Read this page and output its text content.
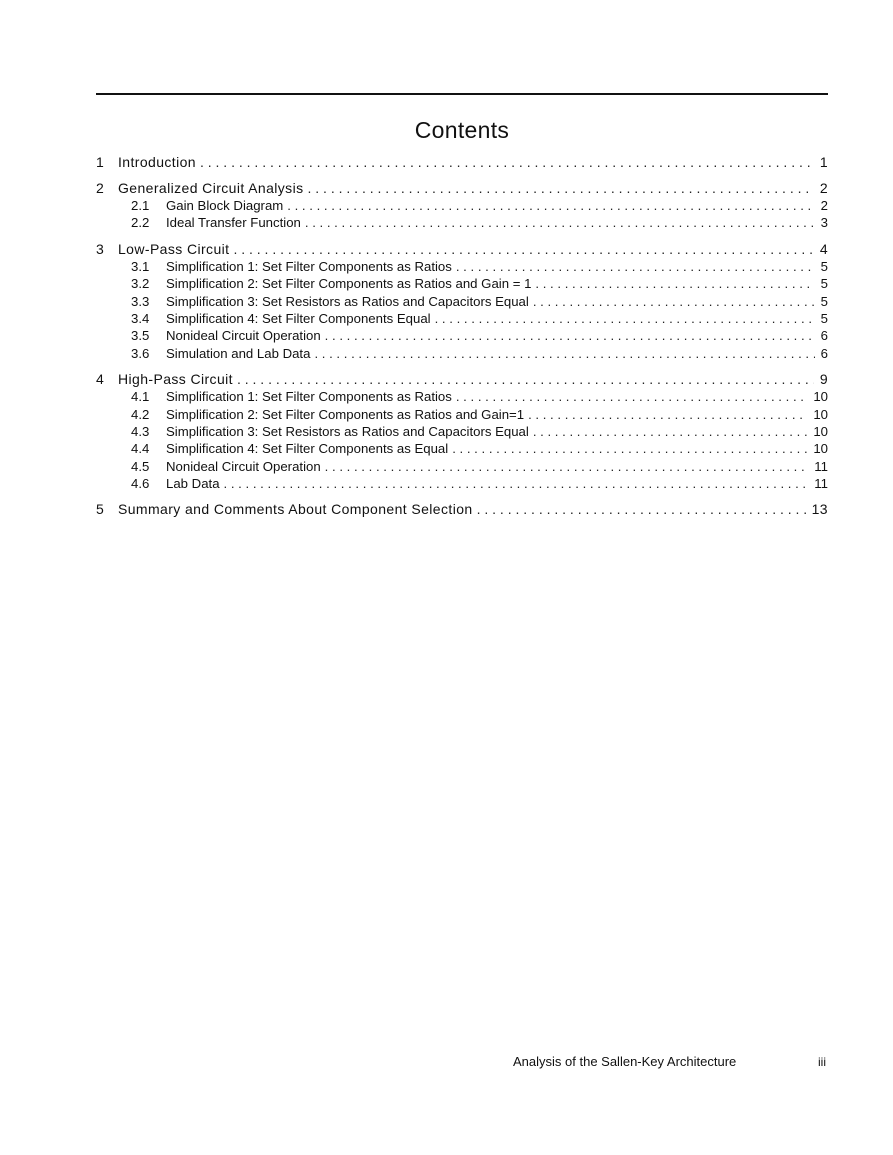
Contents
1 Introduction . . .	1
2 Generalized Circuit Analysis . . .	2
2.1	Gain Block Diagram . . .	2
2.2	Ideal Transfer Function . . .	3
3 Low-Pass Circuit . . .	4
3.1	Simplification 1: Set Filter Components as Ratios . . .	5
3.2	Simplification 2: Set Filter Components as Ratios and Gain = 1 . . .	5
3.3	Simplification 3: Set Resistors as Ratios and Capacitors Equal . . .	5
3.4	Simplification 4: Set Filter Components Equal . . .	5
3.5	Nonideal Circuit Operation . . .	6
3.6	Simulation and Lab Data . . .	6
4 High-Pass Circuit . . .	9
4.1	Simplification 1: Set Filter Components as Ratios . . .	10
4.2	Simplification 2: Set Filter Components as Ratios and Gain=1 . . .	10
4.3	Simplification 3: Set Resistors as Ratios and Capacitors Equal . . .	10
4.4	Simplification 4: Set Filter Components as Equal . . .	10
4.5	Nonideal Circuit Operation . . .	11
4.6	Lab Data . . .	11
5 Summary and Comments About Component Selection . . .	13
Analysis of the Sallen-Key Architecture	iii
